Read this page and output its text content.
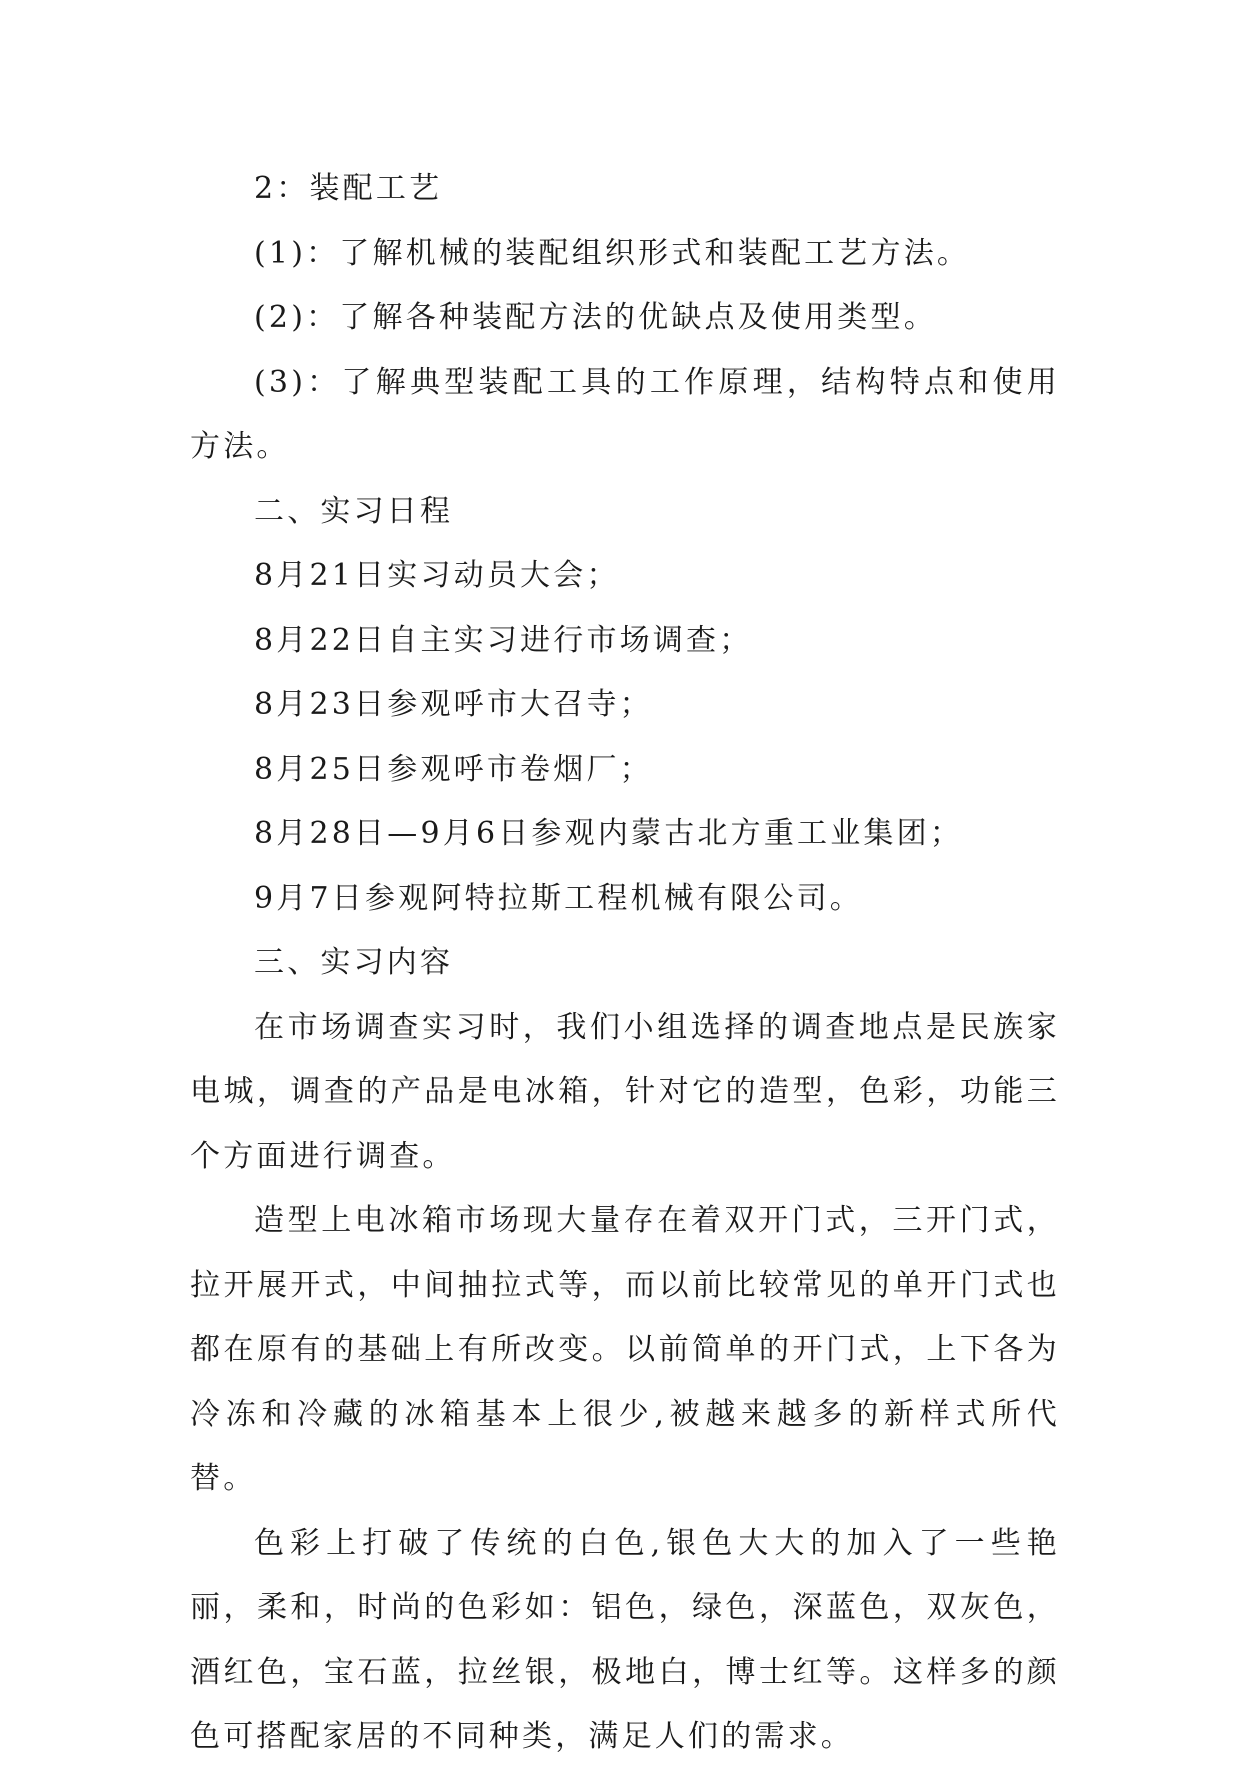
2：装配工艺

(1)：了解机械的装配组织形式和装配工艺方法。

(2)：了解各种装配方法的优缺点及使用类型。

(3)：了解典型装配工具的工作原理，结构特点和使用方法。

二、实习日程

8月21日实习动员大会；

8月22日自主实习进行市场调查；

8月23日参观呼市大召寺；

8月25日参观呼市卷烟厂；

8月28日—9月6日参观内蒙古北方重工业集团；

9月7日参观阿特拉斯工程机械有限公司。

三、实习内容

在市场调查实习时，我们小组选择的调查地点是民族家电城，调查的产品是电冰箱，针对它的造型，色彩，功能三个方面进行调查。

造型上电冰箱市场现大量存在着双开门式，三开门式，拉开展开式，中间抽拉式等，而以前比较常见的单开门式也都在原有的基础上有所改变。以前简单的开门式，上下各为冷冻和冷藏的冰箱基本上很少,被越来越多的新样式所代替。

色彩上打破了传统的白色,银色大大的加入了一些艳丽，柔和，时尚的色彩如：铝色，绿色，深蓝色，双灰色，酒红色，宝石蓝，拉丝银，极地白，博士红等。这样多的颜色可搭配家居的不同种类，满足人们的需求。
